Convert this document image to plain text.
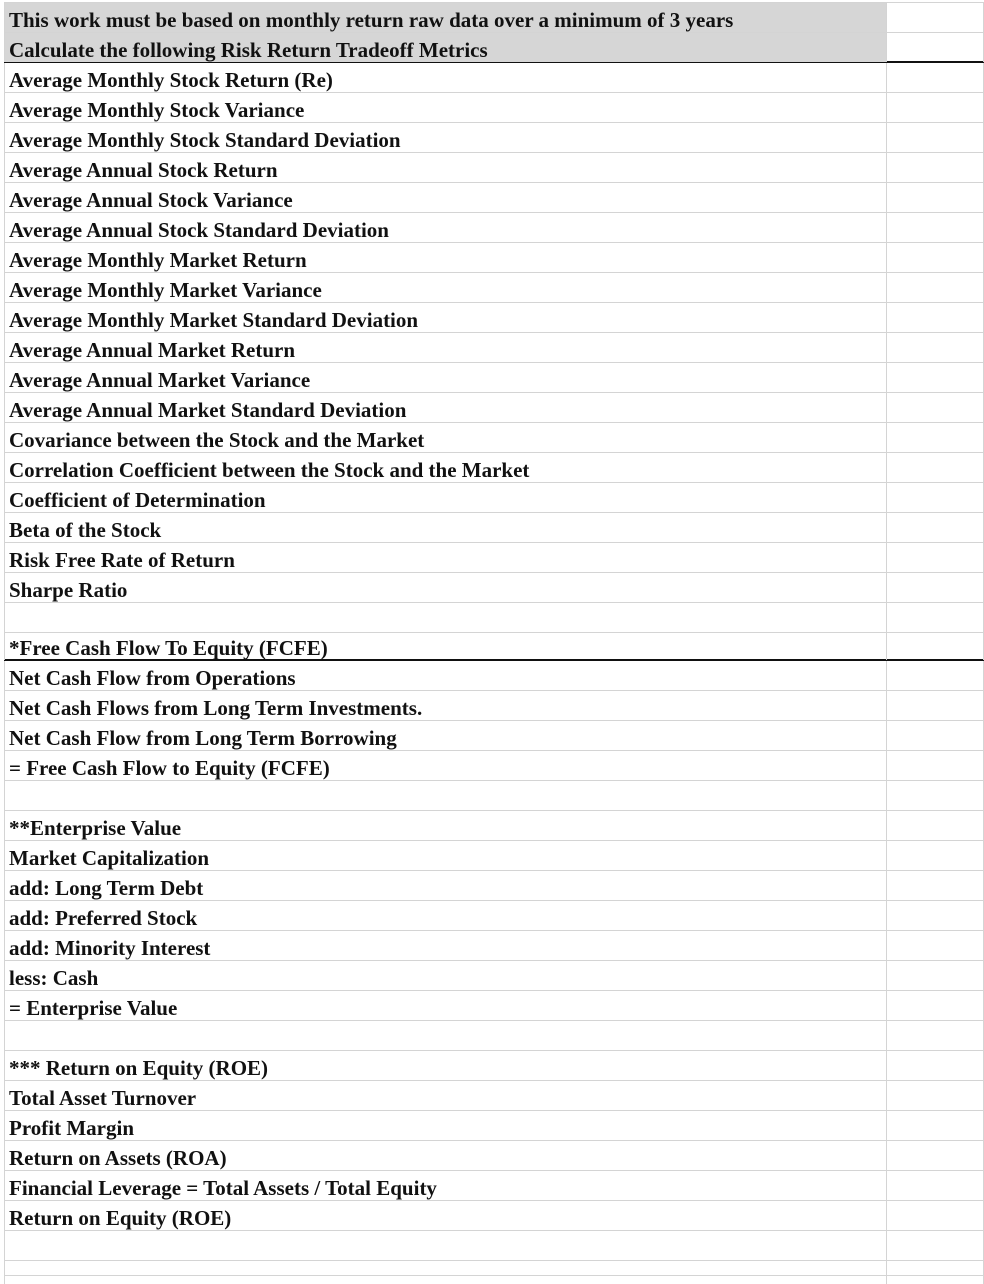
This work must be based on monthly return raw data over a minimum of 3 years
Calculate the following Risk Return Tradeoff Metrics
Average Monthly Stock Return (Re)
Average Monthly Stock Variance
Average Monthly Stock Standard Deviation
Average Annual Stock Return
Average Annual Stock Variance
Average Annual Stock Standard Deviation
Average Monthly Market Return
Average Monthly Market Variance
Average Monthly Market Standard Deviation
Average Annual Market Return
Average Annual Market Variance
Average Annual Market Standard Deviation
Covariance between the Stock and the Market
Correlation Coefficient between the Stock and the Market
Coefficient of Determination
Beta of the Stock
Risk Free Rate of Return
Sharpe Ratio
*Free Cash Flow To Equity (FCFE)
Net Cash Flow from Operations
Net Cash Flows from Long Term Investments.
Net Cash Flow from Long Term Borrowing
= Free Cash Flow to Equity (FCFE)
**Enterprise Value
Market Capitalization
add: Long Term Debt
add: Preferred Stock
add: Minority Interest
less: Cash
= Enterprise Value
*** Return on Equity (ROE)
Total Asset Turnover
Profit Margin
Return on Assets (ROA)
Financial Leverage = Total Assets / Total Equity
Return on Equity (ROE)
